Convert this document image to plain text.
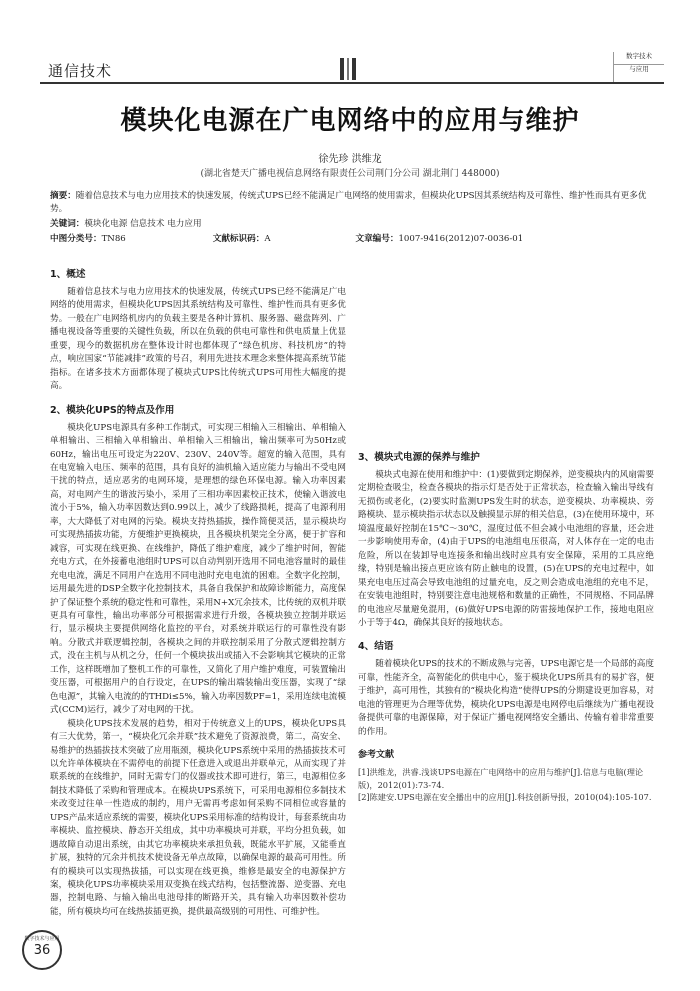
通信技术
数字技术
与应用
模块化电源在广电网络中的应用与维护
徐先珍 洪维龙
(湖北省楚天广播电视信息网络有限责任公司荆门分公司 湖北荆门 448000)
摘要：随着信息技术与电力应用技术的快速发展，传统式UPS已经不能满足广电网络的使用需求，但模块化UPS因其系统结构及可靠性、维护性而具有更多优势。
关键词：模块化电源 信息技术 电力应用
中图分类号：TN86	文献标识码：A	文章编号：1007-9416(2012)07-0036-01
1、概述

随着信息技术与电力应用技术的快速发展，传统式UPS已经不能满足广电网络的使用需求，但模块化UPS因其系统结构及可靠性、维护性而具有更多优势。一般在广电网络机房内的负载主要是各种计算机、服务器、磁盘阵列、广播电视设备等重要的关键性负载，所以在负载的供电可靠性和供电质量上优显重要，现今的数据机房在整体设计时也都体现了“绿色机房、科技机房”的特点，响应国家“节能减排”政策的号召，利用先进技术理念来整体提高系统节能指标。在诸多技术方面都体现了模块式UPS比传统式UPS可用性大幅度的提高。

2、模块化UPS的特点及作用

模块化UPS电源具有多种工作制式，可实现三相输入三相输出、单相输入单相输出、三相输入单相输出、单相输入三相输出，输出频率可为50Hz或60Hz，输出电压可设定为220V、230V、240V等。超宽的输入范围，具有在电宽输入电压、频率的范围，具有良好的油机输入适应能力与输出不受电网干扰的特点，适应恶劣的电网环境，是理想的绿色环保电源。输入功率因素高，对电网产生的谐波污染小，采用了三相功率因素校正技术，使输入谐波电流小于5%，输入功率因数达到0.99以上，减少了线路损耗，提高了电源利用率，大大降低了对电网的污染。模块支持热插拔，操作简便灵活，显示模块均可实现热插拔功能，方便维护更换模块，且各模块机架完全分离，便于扩容和减容，可实现在线更换、在线维护，降低了维护难度，减少了维护时间，智能充电方式，在外接蓄电池组时UPS可以自动判别开选用不同电池容量时的最佳充电电流，满足不同用户在选用不同电池时充电电流的困难。全数字化控制，运用最先进的DSP全数字化控制技术，具备自我保护和故障诊断能力，高度保护了保证整个系统的稳定性和可靠性，采用N+X冗余技术，比传统的双机并联更具有可靠性，输出功率部分可根据需求进行升级，各模块独立控制并联运行，显示模块主要提供网络化监控的平台，对系统并联运行的可靠性没有影响。分散式并联逻辑控制，各模块之间的并联控制采用了分散式逻辑控制方式，没在主机与从机之分，任何一个模块拔出或插入不会影响其它模块的正常工作，这样既增加了整机工作的可靠性，又简化了用户维护难度，可装置输出变压器，可根据用户的自行设定，在UPS的输出端装输出变压器，实现了“绿色电源”，其输入电流的的THDi≤5%，输入功率因数PF=1，采用连续电流模式(CCM)运行，减少了对电网的干扰。

模块化UPS技术发展的趋势，相对于传统意义上的UPS，模块化UPS具有三大优势，第一，“模块化冗余并联”技术避免了资源浪费，第二，高安全、易维护的热插拔技术突破了应用瓶颈，模块化UPS系统中采用的热插拔技术可以允许单体模块在不需停电的前提下任意进入或退出并联单元，从而实现了并联系统的在线维护，同时无需专门的仪器或技术即可进行，第三，电源相位多制技术降低了采购和管理成本。在模块UPS系统下，可采用电源相位多制技术来改变过往单一性造成的制约，用户无需再考虑如何采购不同相位或容量的UPS产品来适应系统的需要，模块化UPS采用标准的结构设计，每套系统由功率模块、监控模块、静态开关组成，其中功率模块可并联，平均分担负载，如遇故障自动退出系统，由其它功率模块来承担负载，既能水平扩展，又能垂直扩展，独特的冗余并机技术使设备无单点故障，以确保电源的最高可用性。所有的模块可以实现热拔插，可以实现在线更换，维修是最安全的电源保护方案，模块化UPS功率模块采用双变换在线式结构，包括整流器、逆变器、充电器，控制电路、与输入输出电池母排的断路开关，具有输入功率因数补偿功能，所有模块均可在线热拔插更换，提供最高级别的可用性、可维护性。

3、模块式电源的保养与维护

模块式电源在使用和维护中：(1)要做到定期保养，逆变模块内的风扇需要定期检查吸尘，检查各模块的指示灯是否处于正常状态，检查输入输出导线有无损伤或老化，(2)要实时监测UPS发生时的状态，逆变模块、功率模块、旁路模块、显示模块指示状态以及触摸显示屏的相关信息，(3)在使用环境中，环境温度最好控制在15℃～30℃，湿度过低不但会减小电池组的容量，还会进一步影响使用寿命，(4)由于UPS的电池组电压很高，对人体存在一定的电击危险，所以在装卸导电连接条和输出线时应具有安全保障，采用的工具应绝缘，特别是输出接点更应该有防止触电的设置，(5)在UPS的充电过程中，如果充电电压过高会导致电池组的过量充电，反之则会造成电池组的充电不足，在安装电池组时，特别要注意电池规格和数量的正确性，不同规格、不同品牌的电池应尽量避免混用，(6)做好UPS电源的防雷接地保护工作，接地电阻应小于等于4Ω，确保其良好的接地状态。

4、结语

随着模块化UPS的技术的不断成熟与完善，UPS电源它是一个局部的高度可靠，性能齐全，高智能化的供电中心，鉴于模块化UPS所具有的易扩容，便于维护，高可用性，其独有的“模块化构造”使得UPS的分期建设更加容易，对电池的管理更为合理等优势，模块化UPS电源是电网停电后继续为广播电视设备提供可靠的电源保障，对于保证广播电视网络安全播出、传输有着非常重要的作用。

参考文献
[1]洪维龙，洪睿.浅谈UPS电源在广电网络中的应用与维护[J].信息与电脑(理论版)，2012(01):73-74.
[2]陈建安.UPS电源在安全播出中的应用[J].科技创新导报，2010(04):105-107.
数字技术与应用
36
